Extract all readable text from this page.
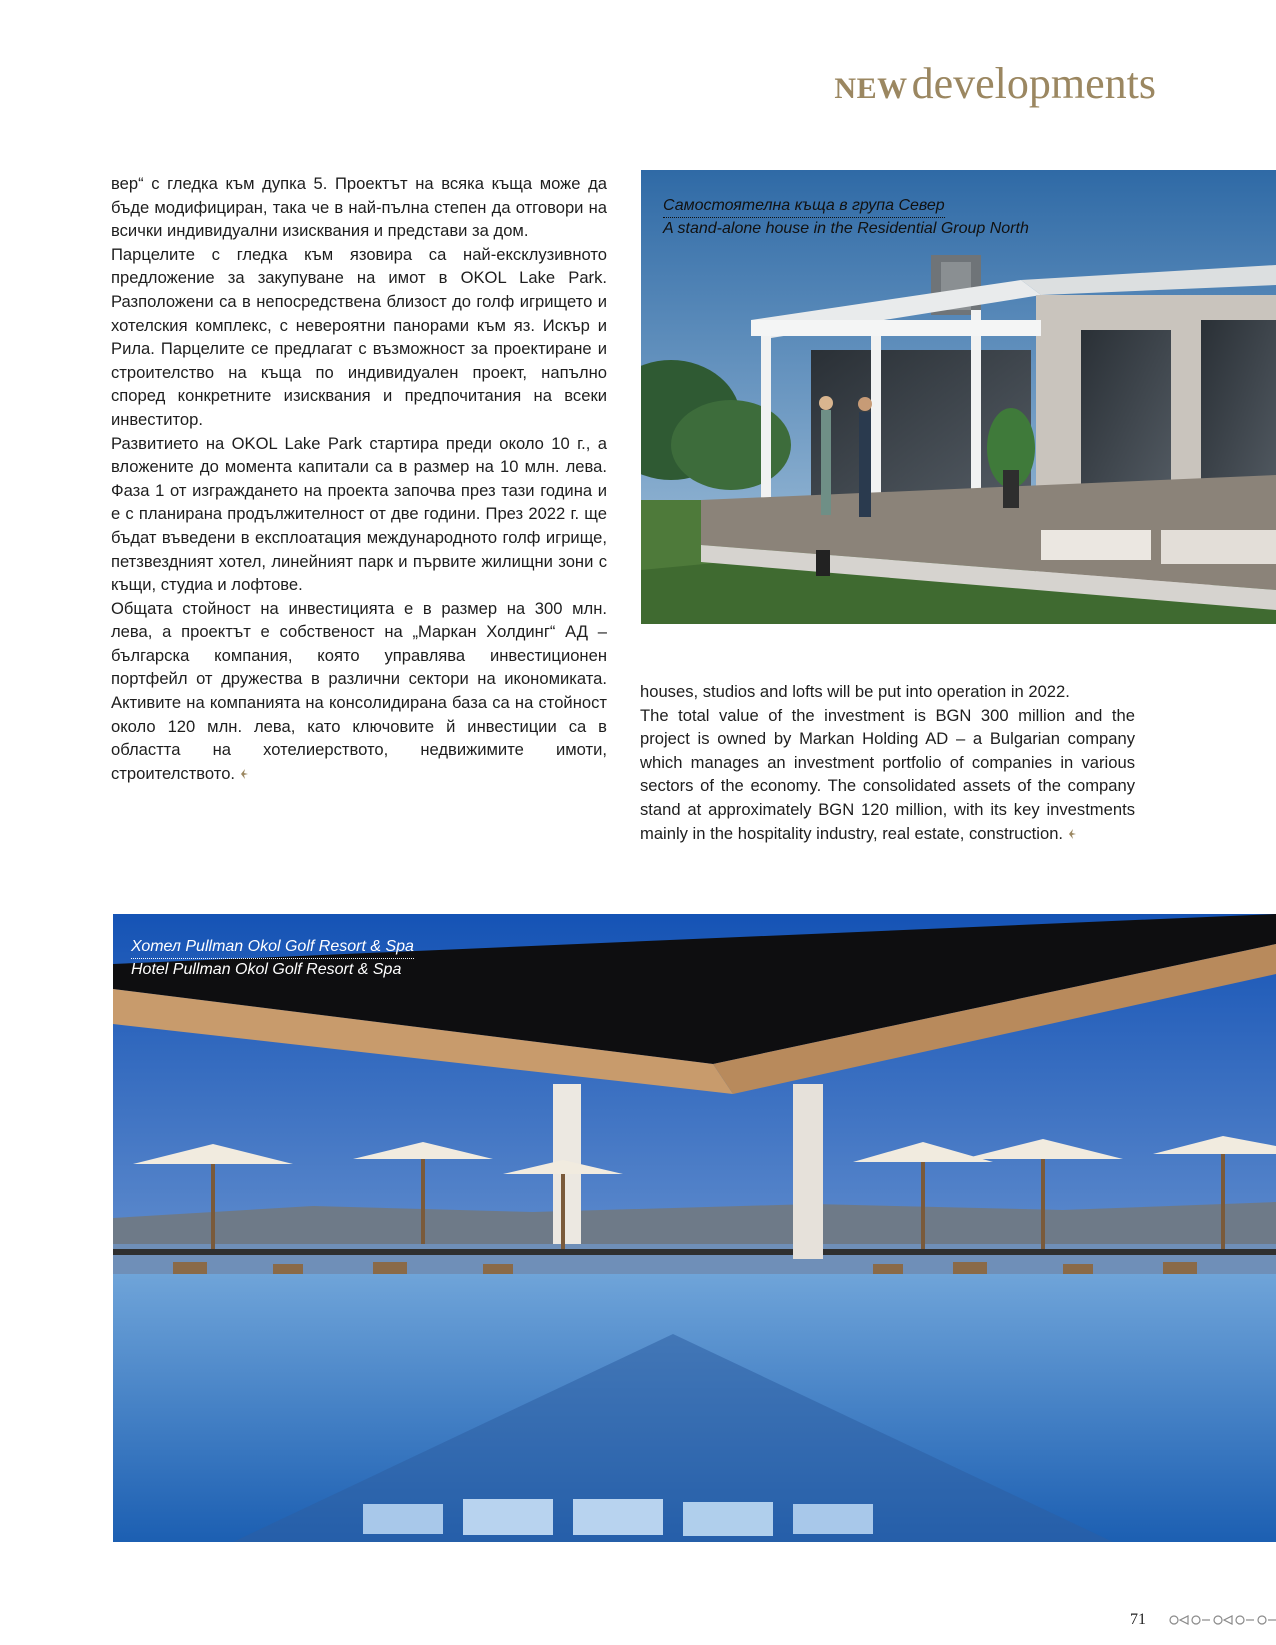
NEW developments

вер“ с гледка към дупка 5. Проектът на всяка къща може да бъде модифициран, така че в най-пълна степен да отговори на всички индивидуални изисквания и представи за дом.

Парцелите с гледка към язовира са най-ексклузивното предложение за закупуване на имот в OKOL Lake Park. Разположени са в непосредствена близост до голф игрището и хотелския комплекс, с невероятни панорами към яз. Искър и Рила. Парцелите се предлагат с възможност за проектиране и строителство на къща по индивидуален проект, напълно според конкретните изисквания и предпочитания на всеки инвеститор.

Развитието на OKOL Lake Park стартира преди около 10 г., а вложените до момента капитали са в размер на 10 млн. лева. Фаза 1 от изграждането на проекта започва през тази година и е с планирана продължителност от две години. През 2022 г. ще бъдат въведени в експлоатация международното голф игрище, петзвездният хотел, линейният парк и първите жилищни зони с къщи, студиа и лофтове.

Общата стойност на инвестицията е в размер на 300 млн. лева, а проектът е собственост на „Маркан Холдинг“ АД – българска компания, която управлява инвестиционен портфейл от дружества в различни сектори на икономиката. Активите на компанията на консолидирана база са на стойност около 120 млн. лева, като ключовите й инвестиции са в областта на хотелиерството, недвижимите имоти, строителството.

houses, studios and lofts will be put into operation in 2022.

The total value of the investment is BGN 300 million and the project is owned by Markan Holding AD – a Bulgarian company which manages an investment portfolio of companies in various sectors of the economy. The consolidated assets of the company stand at approximately BGN 120 million, with its key investments mainly in the hospitality industry, real estate, construction.

Самостоятелна къща в група Север

A stand-alone house in the Residential Group North
Хотел Pullman Okol Golf Resort & Spa

Hotel Pullman Okol Golf Resort & Spa
71
